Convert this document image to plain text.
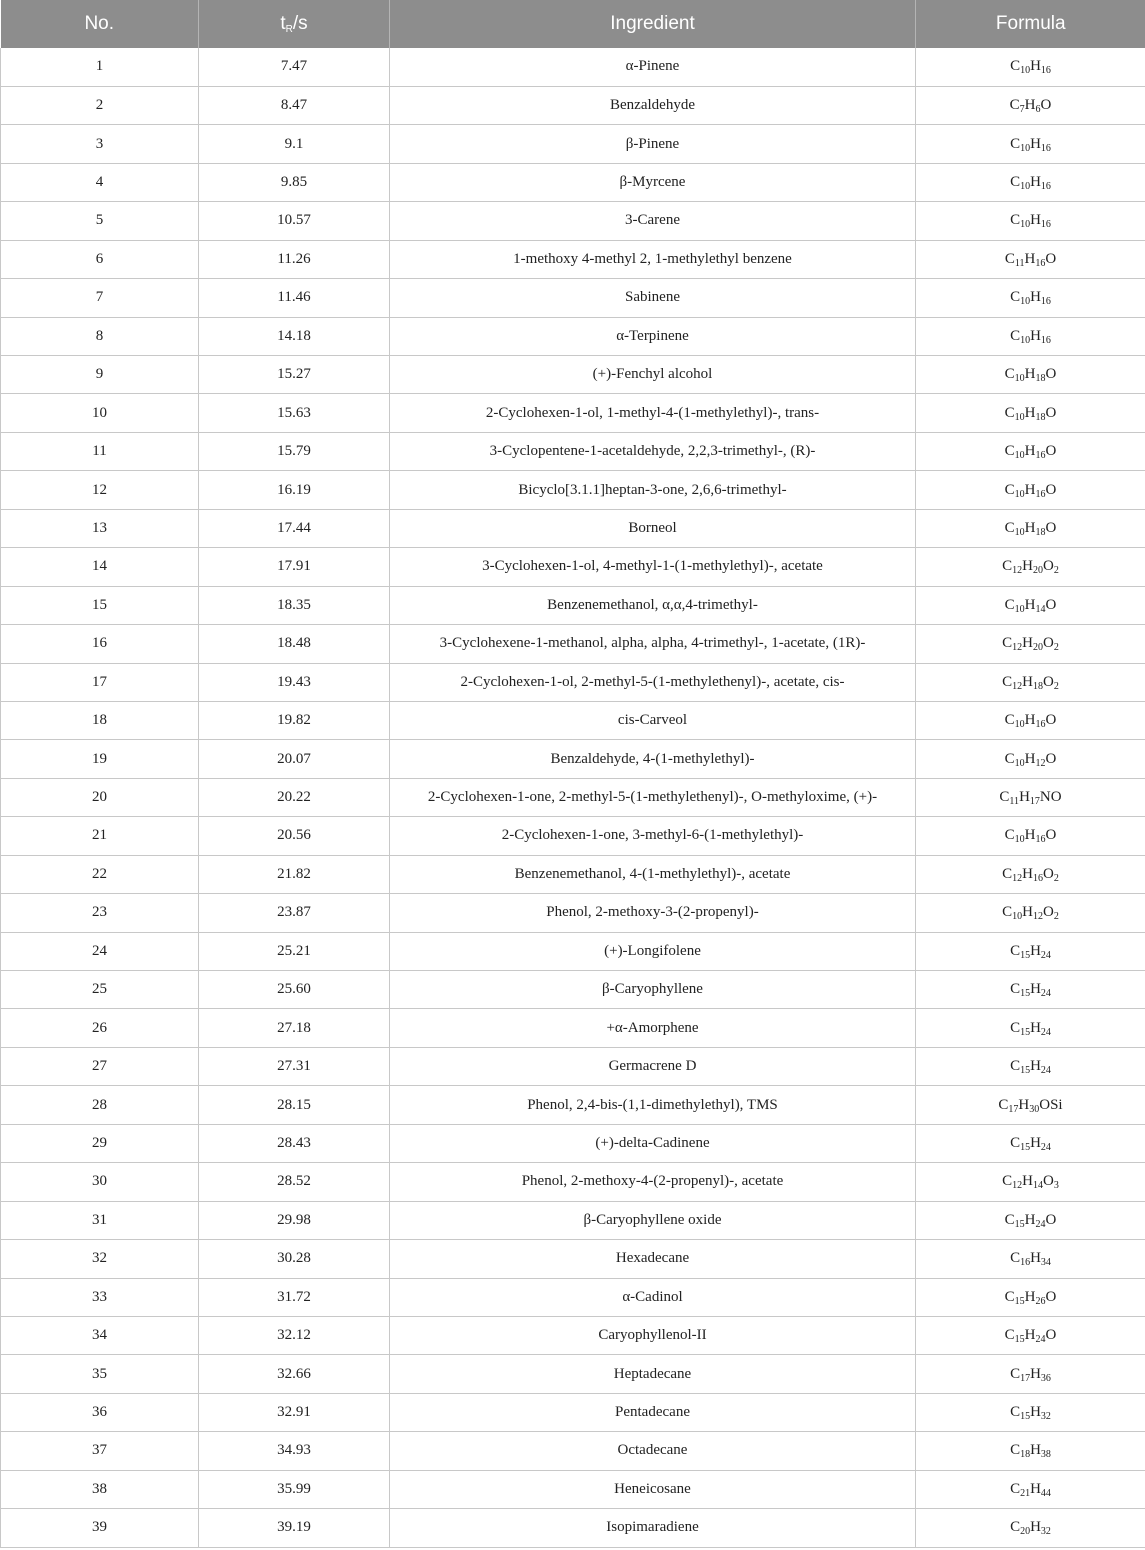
No.	$t_R/s$	Ingredient	Formula
1	7.47	α-Pinene	$C_{10}H_{16}$
2	8.47	Benzaldehyde	$C_7H_6O$
3	9.1	β-Pinene	$C_{10}H_{16}$
4	9.85	β-Myrcene	$C_{10}H_{16}$
5	10.57	3-Carene	$C_{10}H_{16}$
6	11.26	1-methoxy 4-methyl 2, 1-methylethyl benzene	$C_{11}H_{16}O$
7	11.46	Sabinene	$C_{10}H_{16}$
8	14.18	α-Terpinene	$C_{10}H_{16}$
9	15.27	(+)-Fenchyl alcohol	$C_{10}H_{18}O$
10	15.63	2-Cyclohexen-1-ol, 1-methyl-4-(1-methylethyl)-, trans-	$C_{10}H_{18}O$
11	15.79	3-Cyclopentene-1-acetaldehyde, 2,2,3-trimethyl-, (R)-	$C_{10}H_{16}O$
12	16.19	Bicyclo[3.1.1]heptan-3-one, 2,6,6-trimethyl-	$C_{10}H_{16}O$
13	17.44	Borneol	$C_{10}H_{18}O$
14	17.91	3-Cyclohexen-1-ol, 4-methyl-1-(1-methylethyl)-, acetate	$C_{12}H_{20}O_2$
15	18.35	Benzenemethanol, α,α,4-trimethyl-	$C_{10}H_{14}O$
16	18.48	3-Cyclohexene-1-methanol, alpha, alpha, 4-trimethyl-, 1-acetate, (1R)-	$C_{12}H_{20}O_2$
17	19.43	2-Cyclohexen-1-ol, 2-methyl-5-(1-methylethenyl)-, acetate, cis-	$C_{12}H_{18}O_2$
18	19.82	cis-Carveol	$C_{10}H_{16}O$
19	20.07	Benzaldehyde, 4-(1-methylethyl)-	$C_{10}H_{12}O$
20	20.22	2-Cyclohexen-1-one, 2-methyl-5-(1-methylethenyl)-, O-methyloxime, (+)-	$C_{11}H_{17}NO$
21	20.56	2-Cyclohexen-1-one, 3-methyl-6-(1-methylethyl)-	$C_{10}H_{16}O$
22	21.82	Benzenemethanol, 4-(1-methylethyl)-, acetate	$C_{12}H_{16}O_2$
23	23.87	Phenol, 2-methoxy-3-(2-propenyl)-	$C_{10}H_{12}O_2$
24	25.21	(+)-Longifolene	$C_{15}H_{24}$
25	25.60	β-Caryophyllene	$C_{15}H_{24}$
26	27.18	+α-Amorphene	$C_{15}H_{24}$
27	27.31	Germacrene D	$C_{15}H_{24}$
28	28.15	Phenol, 2,4-bis-(1,1-dimethylethyl), TMS	$C_{17}H_{30}OSi$
29	28.43	(+)-delta-Cadinene	$C_{15}H_{24}$
30	28.52	Phenol, 2-methoxy-4-(2-propenyl)-, acetate	$C_{12}H_{14}O_3$
31	29.98	β-Caryophyllene oxide	$C_{15}H_{24}O$
32	30.28	Hexadecane	$C_{16}H_{34}$
33	31.72	α-Cadinol	$C_{15}H_{26}O$
34	32.12	Caryophyllenol-II	$C_{15}H_{24}O$
35	32.66	Heptadecane	$C_{17}H_{36}$
36	32.91	Pentadecane	$C_{15}H_{32}$
37	34.93	Octadecane	$C_{18}H_{38}$
38	35.99	Heneicosane	$C_{21}H_{44}$
39	39.19	Isopimaradiene	$C_{20}H_{32}$
